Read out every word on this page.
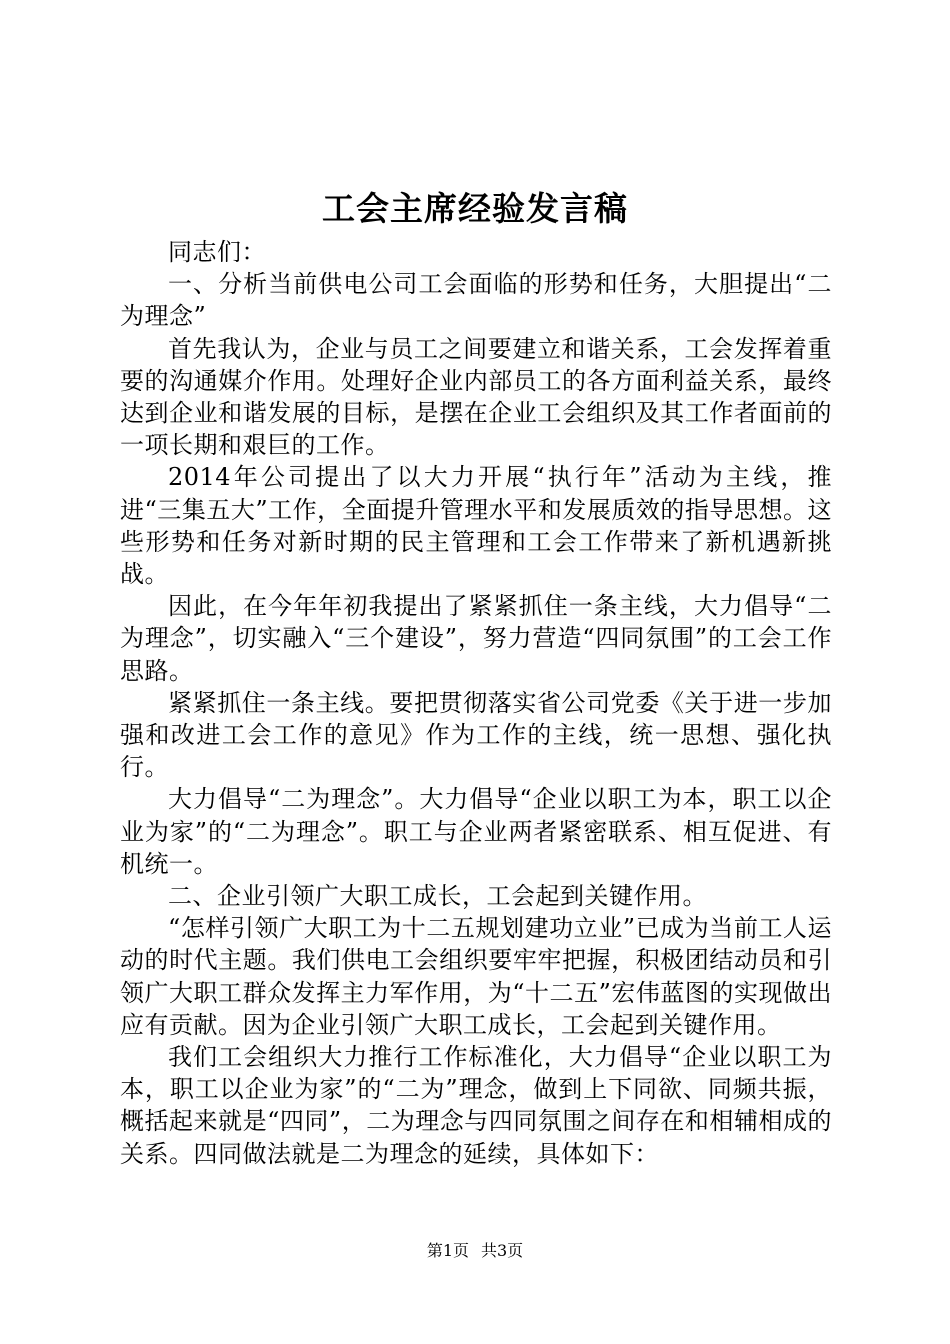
工会主席经验发言稿

同志们：

一、分析当前供电公司工会面临的形势和任务，大胆提出“二为理念”

首先我认为，企业与员工之间要建立和谐关系，工会发挥着重要的沟通媒介作用。处理好企业内部员工的各方面利益关系，最终达到企业和谐发展的目标，是摆在企业工会组织及其工作者面前的一项长期和艰巨的工作。

2014年公司提出了以大力开展“执行年”活动为主线，推进“三集五大”工作，全面提升管理水平和发展质效的指导思想。这些形势和任务对新时期的民主管理和工会工作带来了新机遇新挑战。

因此，在今年年初我提出了紧紧抓住一条主线，大力倡导“二为理念”，切实融入“三个建设”，努力营造“四同氛围”的工会工作思路。

紧紧抓住一条主线。要把贯彻落实省公司党委《关于进一步加强和改进工会工作的意见》作为工作的主线，统一思想、强化执行。

大力倡导“二为理念”。大力倡导“企业以职工为本，职工以企业为家”的“二为理念”。职工与企业两者紧密联系、相互促进、有机统一。

二、企业引领广大职工成长，工会起到关键作用。

“怎样引领广大职工为十二五规划建功立业”已成为当前工人运动的时代主题。我们供电工会组织要牢牢把握，积极团结动员和引领广大职工群众发挥主力军作用，为“十二五”宏伟蓝图的实现做出应有贡献。因为企业引领广大职工成长，工会起到关键作用。

我们工会组织大力推行工作标准化，大力倡导“企业以职工为本，职工以企业为家”的“二为”理念，做到上下同欲、同频共振，概括起来就是“四同”，二为理念与四同氛围之间存在和相辅相成的关系。四同做法就是二为理念的延续，具体如下：

第1页 共3页
